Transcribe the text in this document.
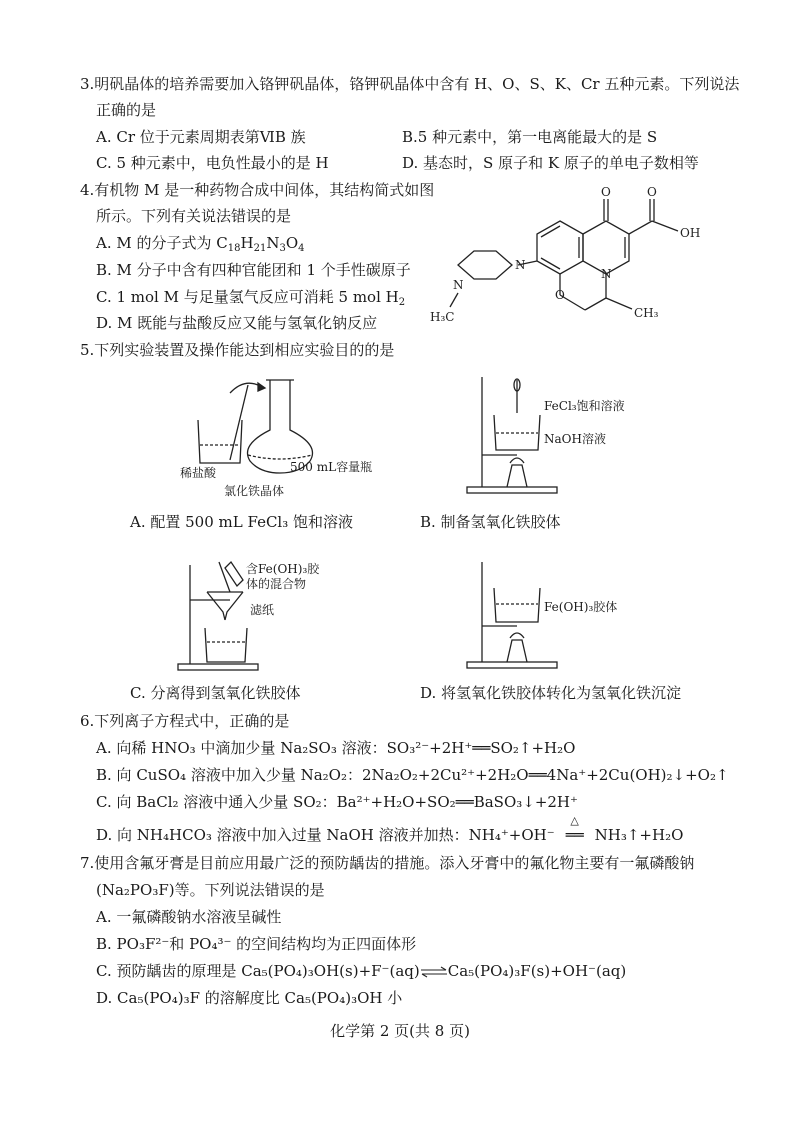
3.明矾晶体的培养需要加入铬钾矾晶体，铬钾矾晶体中含有 H、O、S、K、Cr 五种元素。下列说法
正确的是
A. Cr 位于元素周期表第ⅥB 族	B.5 种元素中，第一电离能最大的是 S
C. 5 种元素中，电负性最小的是 H	D. 基态时，S 原子和 K 原子的单电子数相等
4.有机物 M 是一种药物合成中间体，其结构简式如图
所示。下列有关说法错误的是
A. M 的分子式为 $C_{18}H_{21}N_3O_4$
B. M 分子中含有四种官能团和 1 个手性碳原子
C. 1 mol M 与足量氢气反应可消耗 5 mol $H_2$
D. M 既能与盐酸反应又能与氢氧化钠反应
O	O
OH
N
N
N
O
H₃C	CH₃
5.下列实验装置及操作能达到相应实验目的的是
稀盐酸	500 mL容量瓶
氯化铁晶体
A. 配置 500 mL FeCl₃ 饱和溶液
FeCl₃饱和溶液
NaOH溶液
B. 制备氢氧化铁胶体
含Fe(OH)₃胶
体的混合物
滤纸
C. 分离得到氢氧化铁胶体
Fe(OH)₃胶体
D. 将氢氧化铁胶体转化为氢氧化铁沉淀
6.下列离子方程式中，正确的是
A. 向稀 HNO₃ 中滴加少量 Na₂SO₃ 溶液：SO₃²⁻+2H⁺══SO₂↑+H₂O
B. 向 CuSO₄ 溶液中加入少量 Na₂O₂：2Na₂O₂+2Cu²⁺+2H₂O══4Na⁺+2Cu(OH)₂↓+O₂↑
C. 向 BaCl₂ 溶液中通入少量 SO₂：Ba²⁺+H₂O+SO₂══BaSO₃↓+2H⁺
D. 向 NH₄HCO₃ 溶液中加入过量 NaOH 溶液并加热：NH₄⁺+OH⁻
△
══ NH₃↑+H₂O
7.使用含氟牙膏是目前应用最广泛的预防龋齿的措施。添入牙膏中的氟化物主要有一氟磷酸钠
(Na₂PO₃F)等。下列说法错误的是
A. 一氟磷酸钠水溶液呈碱性
B. PO₃F²⁻和 PO₄³⁻ 的空间结构均为正四面体形
C. 预防龋齿的原理是 Ca₅(PO₄)₃OH(s)+F⁻(aq)⇌Ca₅(PO₄)₃F(s)+OH⁻(aq)
D. Ca₅(PO₄)₃F 的溶解度比 Ca₅(PO₄)₃OH 小
化学第 2 页(共 8 页)
